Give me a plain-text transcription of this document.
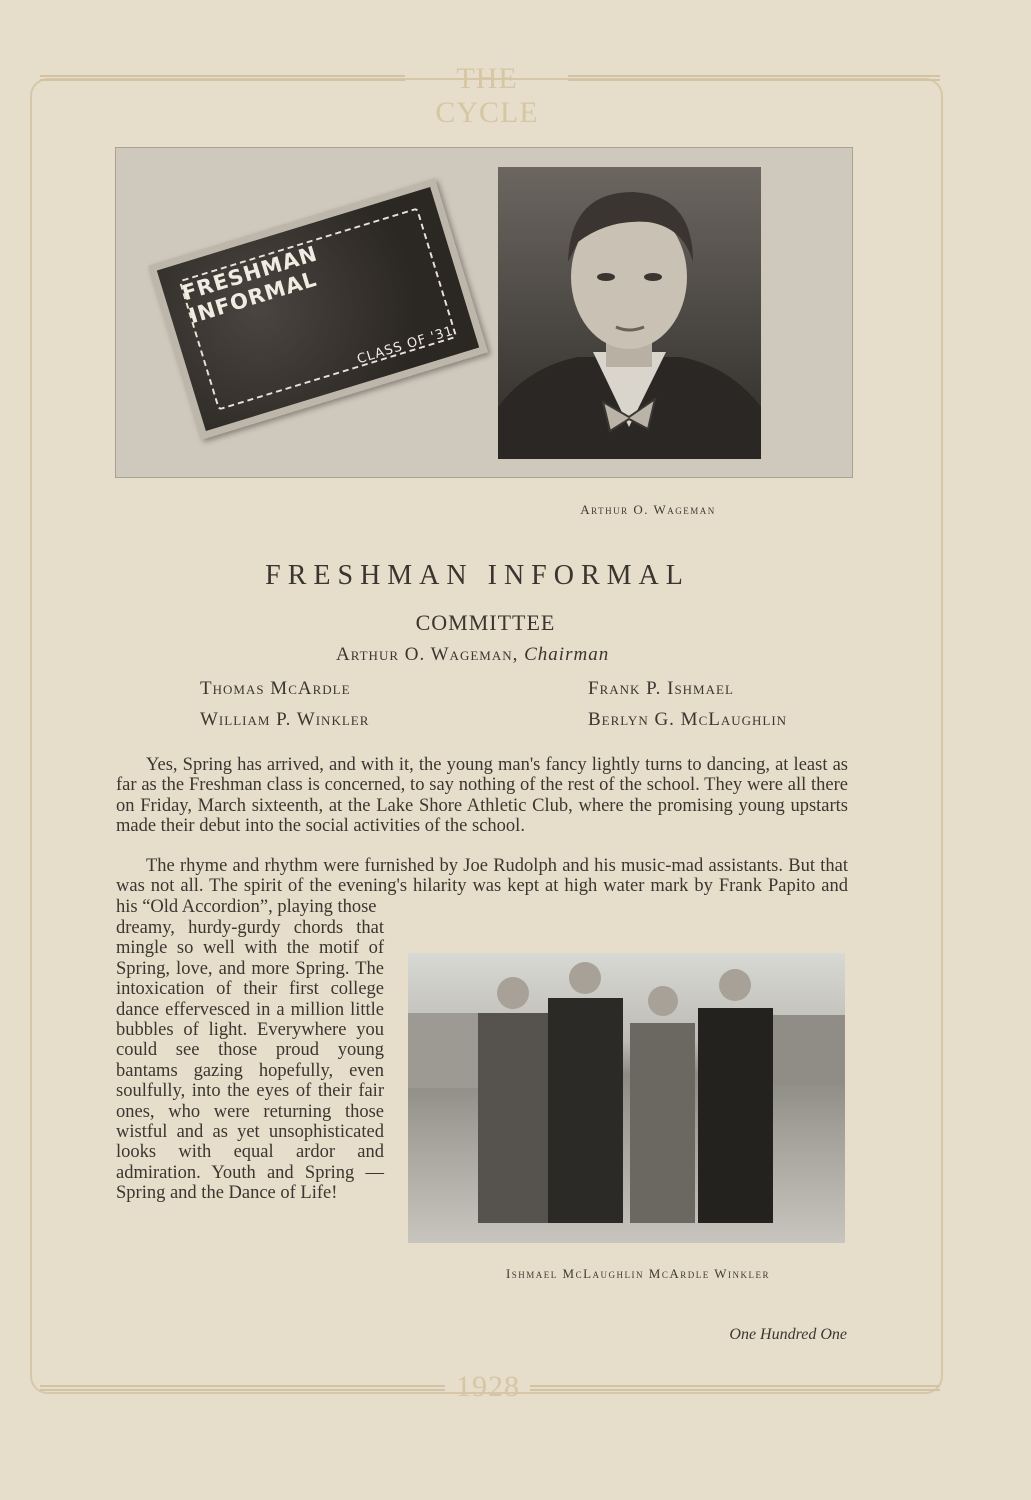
THE CYCLE
1928
FRESHMAN
INFORMAL
CLASS OF '31
Arthur O. Wageman
FRESHMAN INFORMAL
COMMITTEE
Arthur O. Wageman, Chairman
Thomas McArdle	Frank P. Ishmael
William P. Winkler	Berlyn G. McLaughlin

Yes, Spring has arrived, and with it, the young man's fancy lightly turns to dancing, at least as far as the Freshman class is concerned, to say nothing of the rest of the school. They were all there on Friday, March sixteenth, at the Lake Shore Athletic Club, where the promising young upstarts made their debut into the social activities of the school.

The rhyme and rhythm were furnished by Joe Rudolph and his music-mad assistants. But that was not all. The spirit of the evening's hilarity was kept at high water mark by Frank Papito and his “Old Accordion”, playing those

dreamy, hurdy-gurdy chords that mingle so well with the motif of Spring, love, and more Spring. The intoxication of their first college dance effervesced in a million little bubbles of light. Everywhere you could see those proud young bantams gazing hopefully, even soulfully, into the eyes of their fair ones, who were returning those wistful and as yet unsophisticated looks with equal ardor and admiration. Youth and Spring —Spring and the Dance of Life!

Ishmael McLaughlin McArdle Winkler
One Hundred One
